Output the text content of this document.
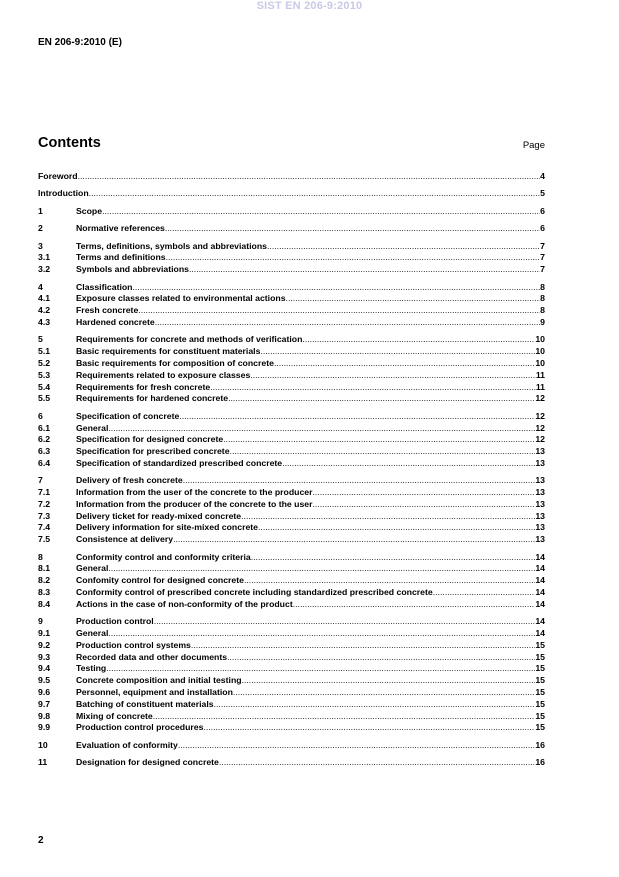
SIST EN 206-9:2010
EN 206-9:2010 (E)
Contents	Page
Foreword .....	4
Introduction .....	5
1	Scope .....	6
2	Normative references .....	6
3	Terms, definitions, symbols and abbreviations .....	7
3.1	Terms and definitions .....	7
3.2	Symbols and abbreviations .....	7
4	Classification .....	8
4.1	Exposure classes related to environmental actions .....	8
4.2	Fresh concrete .....	8
4.3	Hardened concrete .....	9
5	Requirements for concrete and methods of verification .....	10
5.1	Basic requirements for constituent materials .....	10
5.2	Basic requirements for composition of concrete .....	10
5.3	Requirements related to exposure classes .....	11
5.4	Requirements for fresh concrete .....	11
5.5	Requirements for hardened concrete .....	12
6	Specification of concrete .....	12
6.1	General .....	12
6.2	Specification for designed concrete .....	12
6.3	Specification for prescribed concrete .....	13
6.4	Specification of standardized prescribed concrete .....	13
7	Delivery of fresh concrete .....	13
7.1	Information from the user of the concrete to the producer .....	13
7.2	Information from the producer of the concrete to the user .....	13
7.3	Delivery ticket for ready-mixed concrete .....	13
7.4	Delivery information for site-mixed concrete .....	13
7.5	Consistence at delivery .....	13
8	Conformity control and conformity criteria .....	14
8.1	General .....	14
8.2	Confomity control for designed concrete .....	14
8.3	Conformity control of prescribed concrete including standardized prescribed concrete .....	14
8.4	Actions in the case of non-conformity of the product .....	14
9	Production control .....	14
9.1	General .....	14
9.2	Production control systems .....	15
9.3	Recorded data and other documents .....	15
9.4	Testing .....	15
9.5	Concrete composition and initial testing .....	15
9.6	Personnel, equipment and installation .....	15
9.7	Batching of constituent materials .....	15
9.8	Mixing of concrete .....	15
9.9	Production control procedures .....	15
10	Evaluation of conformity .....	16
11	Designation for designed concrete .....	16
2
